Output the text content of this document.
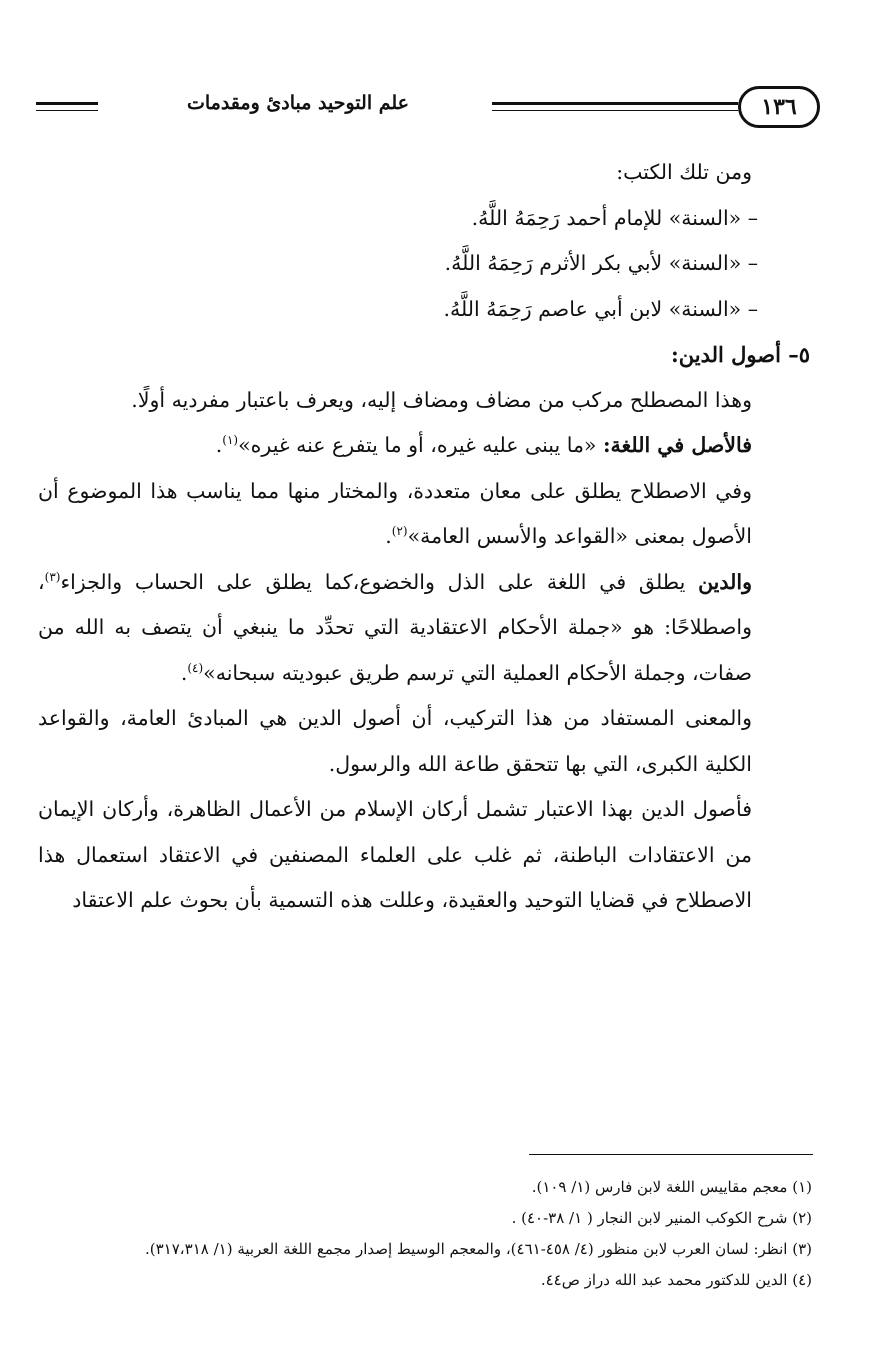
١٣٦
علم التوحيد مبادئ ومقدمات

ومن تلك الكتب:

– «السنة» للإمام أحمد رَحِمَهُ اللَّهُ.

– «السنة» لأبي بكر الأثرم رَحِمَهُ اللَّهُ.

– «السنة» لابن أبي عاصم رَحِمَهُ اللَّهُ.

٥– أصول الدين:

وهذا المصطلح مركب من مضاف ومضاف إليه، ويعرف باعتبار مفرديه أولًا.

فالأصل في اللغة: «ما يبنى عليه غيره، أو ما يتفرع عنه غيره»$^{(١)}$.

وفي الاصطلاح يطلق على معان متعددة، والمختار منها مما يناسب هذا الموضوع أن الأصول بمعنى «القواعد والأسس العامة»$^{(٢)}$.

والدين يطلق في اللغة على الذل والخضوع،كما يطلق على الحساب والجزاء$^{(٣)}$، واصطلاحًا: هو «جملة الأحكام الاعتقادية التي تحدِّد ما ينبغي أن يتصف به الله من صفات، وجملة الأحكام العملية التي ترسم طريق عبوديته سبحانه»$^{(٤)}$.

والمعنى المستفاد من هذا التركيب، أن أصول الدين هي المبادئ العامة، والقواعد الكلية الكبرى، التي بها تتحقق طاعة الله والرسول.

فأصول الدين بهذا الاعتبار تشمل أركان الإسلام من الأعمال الظاهرة، وأركان الإيمان من الاعتقادات الباطنة، ثم غلب على العلماء المصنفين في الاعتقاد استعمال هذا الاصطلاح في قضايا التوحيد والعقيدة، وعللت هذه التسمية بأن بحوث علم الاعتقاد

(١) معجم مقاييس اللغة لابن فارس (١/ ١٠٩).

(٢) شرح الكوكب المنير لابن النجار ( ١/ ٣٨-٤٠) .

(٣) انظر: لسان العرب لابن منظور (٤/ ٤٥٨-٤٦١)، والمعجم الوسيط إصدار مجمع اللغة العربية (١/ ٣١٧،٣١٨).

(٤) الدين للدكتور محمد عبد الله دراز ص٤٤.
